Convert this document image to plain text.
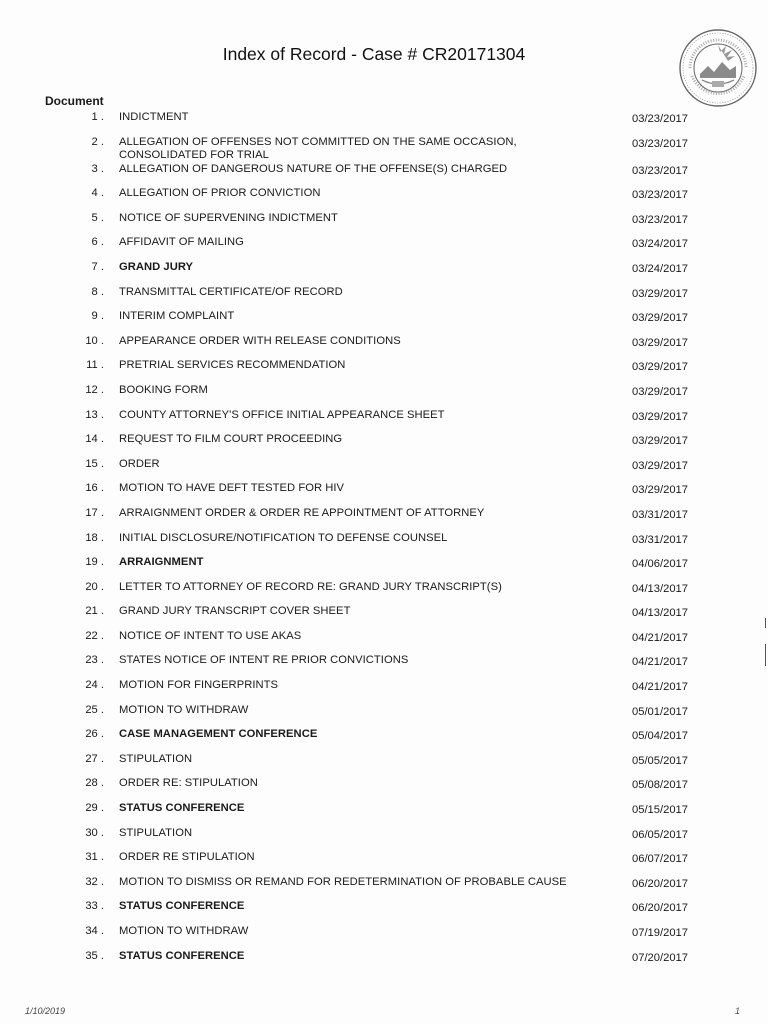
Index of Record - Case # CR20171304
Document
1 . INDICTMENT	03/23/2017
2 . ALLEGATION OF OFFENSES NOT COMMITTED ON THE SAME OCCASION,
CONSOLIDATED FOR TRIAL
03/23/2017
3 . ALLEGATION OF DANGEROUS NATURE OF THE OFFENSE(S) CHARGED	03/23/2017
4 . ALLEGATION OF PRIOR CONVICTION	03/23/2017
5 . NOTICE OF SUPERVENING INDICTMENT	03/23/2017
6 . AFFIDAVIT OF MAILING	03/24/2017
7 . GRAND JURY	03/24/2017
8 . TRANSMITTAL CERTIFICATE/OF RECORD	03/29/2017
9 . INTERIM COMPLAINT	03/29/2017
10 . APPEARANCE ORDER WITH RELEASE CONDITIONS	03/29/2017
11 . PRETRIAL SERVICES RECOMMENDATION	03/29/2017
12 . BOOKING FORM	03/29/2017
13 . COUNTY ATTORNEY'S OFFICE INITIAL APPEARANCE SHEET	03/29/2017
14 . REQUEST TO FILM COURT PROCEEDING	03/29/2017
15 . ORDER	03/29/2017
16 . MOTION TO HAVE DEFT TESTED FOR HIV	03/29/2017
17 . ARRAIGNMENT ORDER & ORDER RE APPOINTMENT OF ATTORNEY	03/31/2017
18 . INITIAL DISCLOSURE/NOTIFICATION TO DEFENSE COUNSEL	03/31/2017
19 . ARRAIGNMENT	04/06/2017
20 . LETTER TO ATTORNEY OF RECORD RE: GRAND JURY TRANSCRIPT(S)	04/13/2017
21 . GRAND JURY TRANSCRIPT COVER SHEET	04/13/2017
22 . NOTICE OF INTENT TO USE AKAS	04/21/2017
23 . STATES NOTICE OF INTENT RE PRIOR CONVICTIONS	04/21/2017
24 . MOTION FOR FINGERPRINTS	04/21/2017
25 . MOTION TO WITHDRAW	05/01/2017
26 . CASE MANAGEMENT CONFERENCE	05/04/2017
27 . STIPULATION	05/05/2017
28 . ORDER RE: STIPULATION	05/08/2017
29 . STATUS CONFERENCE	05/15/2017
30 . STIPULATION	06/05/2017
31 . ORDER RE STIPULATION	06/07/2017
32 . MOTION TO DISMISS OR REMAND FOR REDETERMINATION OF PROBABLE CAUSE	06/20/2017
33 . STATUS CONFERENCE	06/20/2017
34 . MOTION TO WITHDRAW	07/19/2017
35 . STATUS CONFERENCE	07/20/2017
1/10/2019	1
